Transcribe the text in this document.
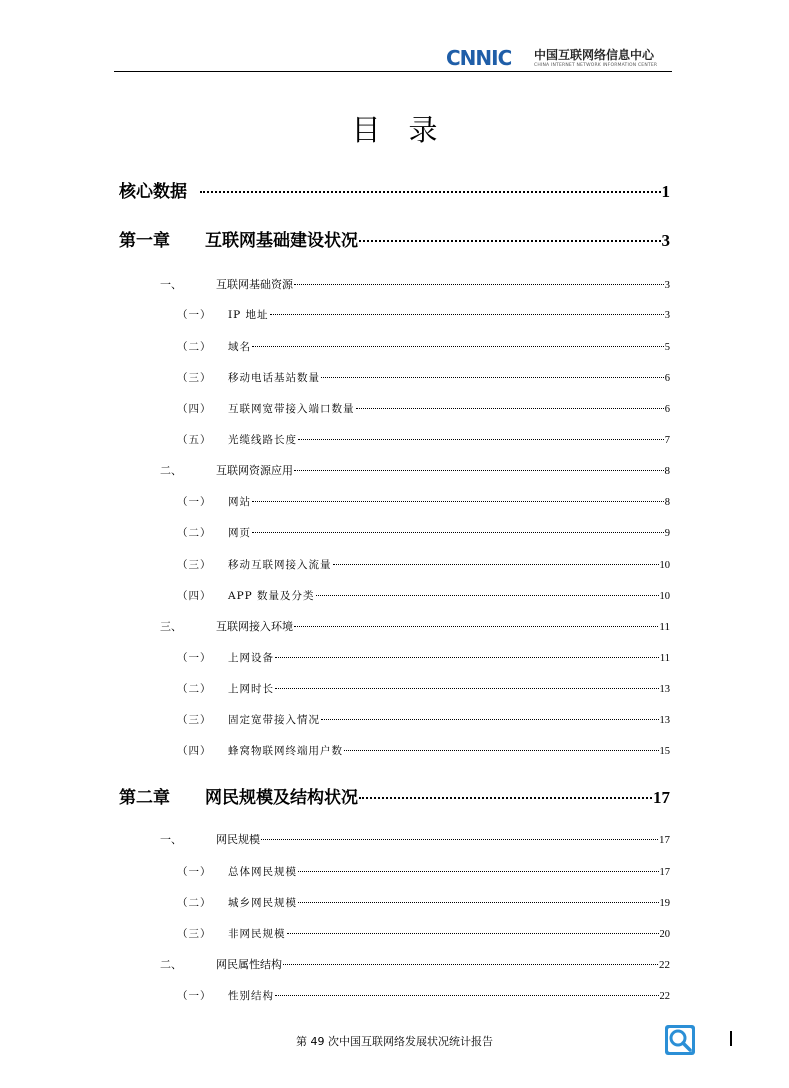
CNNIC 中国互联网络信息中心
CHINA INTERNET NETWORK INFORMATION CENTER
目录
核心数据	1
第一章	互联网基础建设状况	3
一、	互联网基础资源	3
（一）	IP 地址	3
（二）	域名	5
（三）	移动电话基站数量	6
（四）	互联网宽带接入端口数量	6
（五）	光缆线路长度	7
二、	互联网资源应用	8
（一）	网站	8
（二）	网页	9
（三）	移动互联网接入流量	10
（四）	APP 数量及分类	10
三、	互联网接入环境	11
（一）	上网设备	11
（二）	上网时长	13
（三）	固定宽带接入情况	13
（四）	蜂窝物联网终端用户数	15
第二章	网民规模及结构状况	17
一、	网民规模	17
（一）	总体网民规模	17
（二）	城乡网民规模	19
（三）	非网民规模	20
二、	网民属性结构	22
（一）	性别结构	22
第 49 次中国互联网络发展状况统计报告
